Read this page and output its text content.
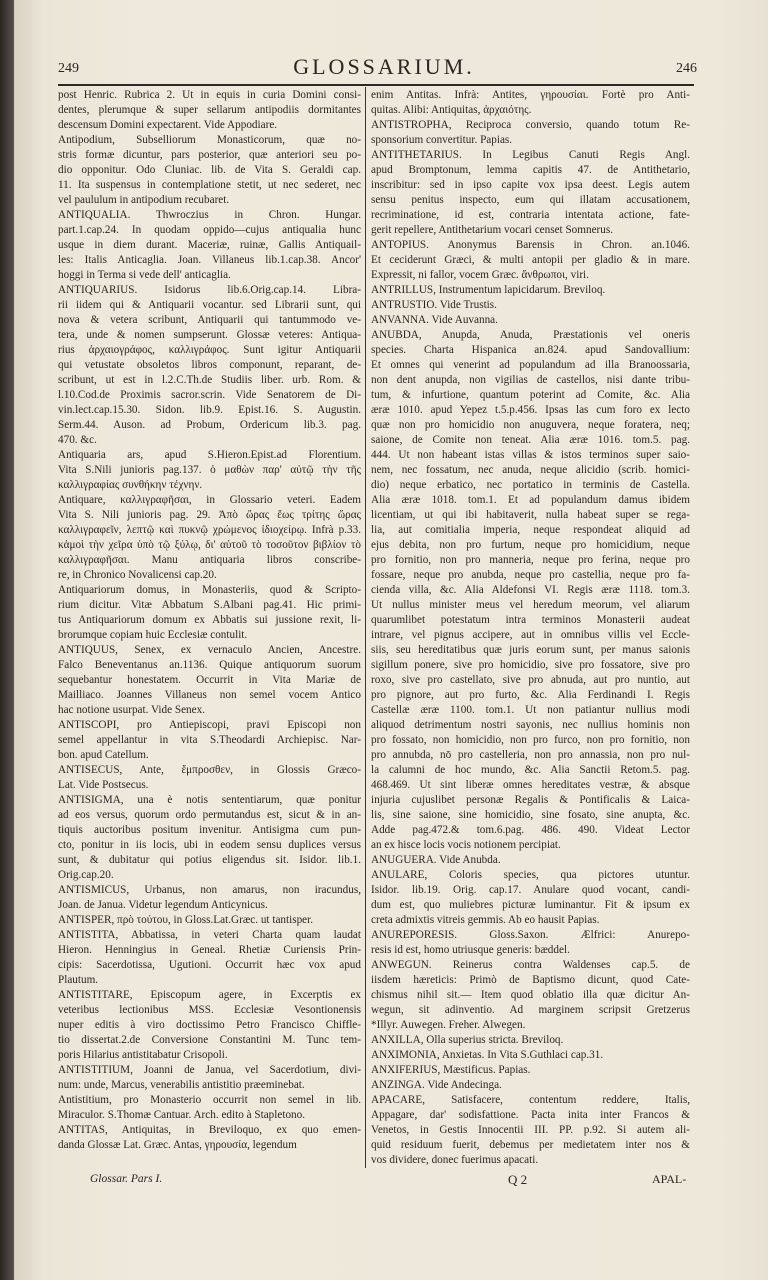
249	GLOSSARIUM.	246
post Henric. Rubrica 2. Ut in equis in curia Domini consi-
dentes, plerumque & super sellarum antipodiis dormitantes
descensum Domini expectarent. Vide Appodiare.
Antipodium, Subselliorum Monasticorum, quæ no-
stris formæ dicuntur, pars posterior, quæ anteriori seu po-
dio opponitur. Odo Cluniac. lib. de Vita S. Geraldi cap.
11. Ita suspensus in contemplatione stetit, ut nec sederet, nec
vel paululum in antipodium recubaret.
ANTIQUALIA. Thwroczius in Chron. Hungar.
part.1.cap.24. In quodam oppido—cujus antiqualia hunc
usque in diem durant. Maceriæ, ruinæ, Gallis Antiquail-
les: Italis Anticaglia. Joan. Villaneus lib.1.cap.38. Ancor'
hoggi in Terma si vede dell' anticaglia.
ANTIQUARIUS. Isidorus lib.6.Orig.cap.14. Libra-
rii iidem qui & Antiquarii vocantur. sed Librarii sunt, qui
nova & vetera scribunt, Antiquarii qui tantummodo ve-
tera, unde & nomen sumpserunt. Glossæ veteres: Antiqua-
rius ἀρχαιογράφος, καλλιγράφος. Sunt igitur Antiquarii
qui vetustate obsoletos libros componunt, reparant, de-
scribunt, ut est in l.2.C.Th.de Studiis liber. urb. Rom. &
l.10.Cod.de Proximis sacror.scrin. Vide Senatorem de Di-
vin.lect.cap.15.30. Sidon. lib.9. Epist.16. S. Augustin.
Serm.44. Auson. ad Probum, Ordericum lib.3. pag.
470. &c.
Antiquaria ars, apud S.Hieron.Epist.ad Florentium.
Vita S.Nili junioris pag.137. ὁ μαθὼν παρ' αὐτῷ τὴν τῆς
καλλιγραφίας συνθήκην τέχνην.
Antiquare, καλλιγραφῆσαι, in Glossario veteri. Eadem
Vita S. Nili junioris pag. 29. Ἀπὸ ὥρας ἕως τρίτης ὥρας
καλλιγραφεῖν, λεπτῷ καὶ πυκνῷ χρώμενος ἰδιοχείρῳ. Infrà p.33.
κἀμοὶ τὴν χεῖρα ὑπὸ τῷ ξύλῳ, δι' αὐτοῦ τὸ τοσοῦτον βιβλίον τὸ
καλλιγραφῆσαι. Manu antiquaria libros conscribe-
re, in Chronico Novalicensi cap.20.
Antiquariorum domus, in Monasteriis, quod & Scripto-
rium dicitur. Vitæ Abbatum S.Albani pag.41. Hic primi-
tus Antiquariorum domum ex Abbatis sui jussione rexit, li-
brorumque copiam huic Ecclesiæ contulit.
ANTIQUUS, Senex, ex vernaculo Ancien, Ancestre.
Falco Beneventanus an.1136. Quique antiquorum suorum
sequebantur honestatem. Occurrit in Vita Mariæ de
Mailliaco. Joannes Villaneus non semel vocem Antico
hac notione usurpat. Vide Senex.
ANTISCOPI, pro Antiepiscopi, pravi Episcopi non
semel appellantur in vita S.Theodardi Archiepisc. Nar-
bon. apud Catellum.
ANTISECUS, Ante, ἔμπροσθεν, in Glossis Græco-
Lat. Vide Postsecus.
ANTISIGMA, una è notis sententiarum, quæ ponitur
ad eos versus, quorum ordo permutandus est, sicut & in an-
tiquis auctoribus positum invenitur. Antisigma cum pun-
cto, ponitur in iis locis, ubi in eodem sensu duplices versus
sunt, & dubitatur qui potius eligendus sit. Isidor. lib.1.
Orig.cap.20.
ANTISMICUS, Urbanus, non amarus, non iracundus,
Joan. de Janua. Videtur legendum Anticynicus.
ANTISPER, πρὸ τούτου, in Gloss.Lat.Græc. ut tantisper.
ANTISTITA, Abbatissa, in veteri Charta quam laudat
Hieron. Henningius in Geneal. Rhetiæ Curiensis Prin-
cipis: Sacerdotissa, Ugutioni. Occurrit hæc vox apud
Plautum.
ANTISTITARE, Episcopum agere, in Excerptis ex
veteribus lectionibus MSS. Ecclesiæ Vesontionensis
nuper editis à viro doctissimo Petro Francisco Chiffle-
tio dissertat.2.de Conversione Constantini M. Tunc tem-
poris Hilarius antistitabatur Crisopoli.
ANTISTITIUM, Joanni de Janua, vel Sacerdotium, divi-
num: unde, Marcus, venerabilis antistitio præeminebat.
Antistitium, pro Monasterio occurrit non semel in lib.
Miraculor. S.Thomæ Cantuar. Arch. edito à Stapletono.
ANTITAS, Antiquitas, in Breviloquo, ex quo emen-
danda Glossæ Lat. Græc. Antas, γηρουσία, legendum
enim Antitas. Infrà: Antites, γηρουσίαι. Fortè pro Anti-
quitas. Alibi: Antiquitas, ἀρχαιότης.
ANTISTROPHA, Reciproca conversio, quando totum Re-
sponsorium convertitur. Papias.
ANTITHETARIUS. In Legibus Canuti Regis Angl.
apud Bromptonum, lemma capitis 47. de Antithetario,
inscribitur: sed in ipso capite vox ipsa deest. Legis autem
sensu penitus inspecto, eum qui illatam accusationem,
recriminatione, id est, contraria intentata actione, fate-
gerit repellere, Antithetarium vocari censet Somnerus.
ANTOPIUS. Anonymus Barensis in Chron. an.1046.
Et ceciderunt Græci, & multi antopii per gladio & in mare.
Expressit, ni fallor, vocem Græc. ἄνθρωποι, viri.
ANTRILLUS, Instrumentum lapicidarum. Breviloq.
ANTRUSTIO. Vide Trustis.
ANVANNA. Vide Auvanna.
ANUBDA, Anupda, Anuda, Præstationis vel oneris
species. Charta Hispanica an.824. apud Sandovallium:
Et omnes qui venerint ad populandum ad illa Branoossaria,
non dent anupda, non vigilias de castellos, nisi dante tribu-
tum, & infurtione, quantum poterint ad Comite, &c. Alia
æræ 1010. apud Yepez t.5.p.456. Ipsas las cum foro ex lecto
quæ non pro homicidio non anuguvera, neque foratera, neq;
saione, de Comite non teneat. Alia æræ 1016. tom.5. pag.
444. Ut non habeant istas villas & istos terminos super saio-
nem, nec fossatum, nec anuda, neque alicidio (scrib. homici-
dio) neque erbatico, nec portatico in terminis de Castella.
Alia æræ 1018. tom.1. Et ad populandum damus ibidem
licentiam, ut qui ibi habitaverit, nulla habeat super se rega-
lia, aut comitialia imperia, neque respondeat aliquid ad
ejus debita, non pro furtum, neque pro homicidium, neque
pro fornitio, non pro manneria, neque pro ferina, neque pro
fossare, neque pro anubda, neque pro castellia, neque pro fa-
cienda villa, &c. Alia Aldefonsi VI. Regis æræ 1118. tom.3.
Ut nullus minister meus vel heredum meorum, vel aliarum
quarumlibet potestatum intra terminos Monasterii audeat
intrare, vel pignus accipere, aut in omnibus villis vel Eccle-
siis, seu hereditatibus quæ juris eorum sunt, per manus saionis
sigillum ponere, sive pro homicidio, sive pro fossatore, sive pro
roxo, sive pro castellato, sive pro abnuda, aut pro nuntio, aut
pro pignore, aut pro furto, &c. Alia Ferdinandi I. Regis
Castellæ æræ 1100. tom.1. Ut non patiantur nullius modi
aliquod detrimentum nostri sayonis, nec nullius hominis non
pro fossato, non homicidio, non pro furco, non pro fornitio, non
pro annubda, nō pro castelleria, non pro annassia, non pro nul-
la calumni de hoc mundo, &c. Alia Sanctii Retom.5. pag.
468.469. Ut sint liberæ omnes hereditates vestræ, & absque
injuria cujuslibet personæ Regalis & Pontificalis & Laica-
lis, sine saione, sine homicidio, sine fosato, sine anupta, &c.
Adde pag.472.& tom.6.pag. 486. 490. Videat Lector
an ex hisce locis vocis notionem percipiat.
ANUGUERA. Vide Anubda.
ANULARE, Coloris species, qua pictores utuntur.
Isidor. lib.19. Orig. cap.17. Anulare quod vocant, candi-
dum est, quo muliebres picturæ luminantur. Fit & ipsum ex
creta admixtis vitreis gemmis. Ab eo hausit Papias.
ANUREPORESIS. Gloss.Saxon. Ælfrici: Anurepo-
resis id est, homo utriusque generis: bæddel.
ANWEGUN. Reinerus contra Waldenses cap.5. de
iisdem hæreticis: Primò de Baptismo dicunt, quod Cate-
chismus nihil sit.— Item quod oblatio illa quæ dicitur An-
wegun, sit adinventio. Ad marginem scripsit Gretzerus
*Illyr. Auwegen. Freher. Alwegen.
ANXILLA, Olla superius stricta. Breviloq.
ANXIMONIA, Anxietas. In Vita S.Guthlaci cap.31.
ANXIFERIUS, Mæstificus. Papias.
ANZINGA. Vide Andecinga.
APACARE, Satisfacere, contentum reddere, Italis,
Appagare, dar' sodisfattione. Pacta inita inter Francos &
Venetos, in Gestis Innocentii III. PP. p.92. Si autem ali-
quid residuum fuerit, debemus per medietatem inter nos &
vos dividere, donec fuerimus apacati.
Glossar. Pars I.	Q 2	APAL-
